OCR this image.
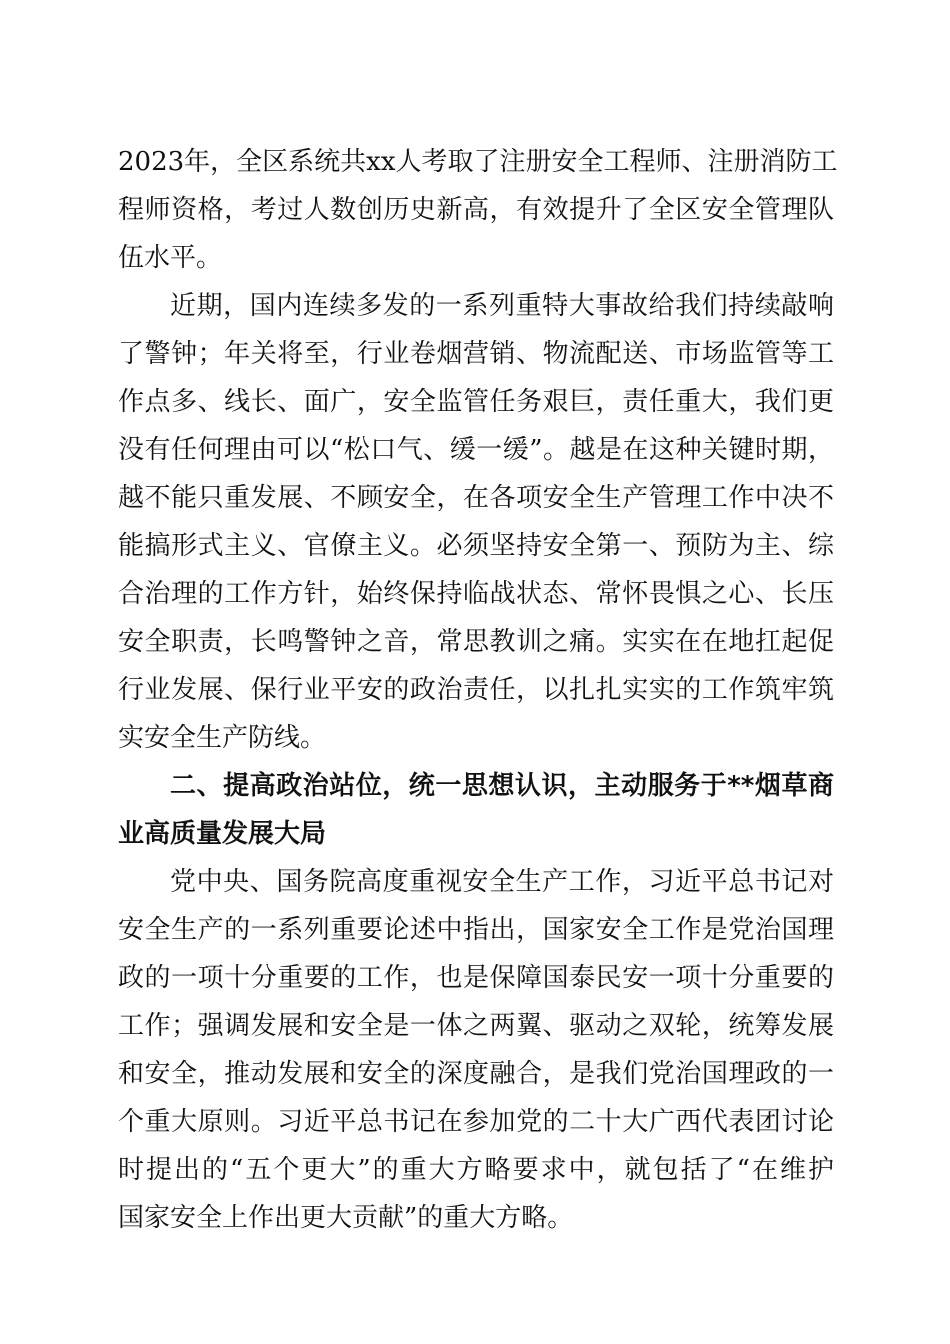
2023年，全区系统共xx人考取了注册安全工程师、注册消防工
程师资格，考过人数创历史新高，有效提升了全区安全管理队
伍水平。
近期，国内连续多发的一系列重特大事故给我们持续敲响
了警钟；年关将至，行业卷烟营销、物流配送、市场监管等工
作点多、线长、面广，安全监管任务艰巨，责任重大，我们更
没有任何理由可以“松口气、缓一缓”。越是在这种关键时期，
越不能只重发展、不顾安全，在各项安全生产管理工作中决不
能搞形式主义、官僚主义。必须坚持安全第一、预防为主、综
合治理的工作方针，始终保持临战状态、常怀畏惧之心、长压
安全职责，长鸣警钟之音，常思教训之痛。实实在在地扛起促
行业发展、保行业平安的政治责任，以扎扎实实的工作筑牢筑
实安全生产防线。
二、提高政治站位，统一思想认识，主动服务于**烟草商
业高质量发展大局
党中央、国务院高度重视安全生产工作，习近平总书记对
安全生产的一系列重要论述中指出，国家安全工作是党治国理
政的一项十分重要的工作，也是保障国泰民安一项十分重要的
工作；强调发展和安全是一体之两翼、驱动之双轮，统筹发展
和安全，推动发展和安全的深度融合，是我们党治国理政的一
个重大原则。习近平总书记在参加党的二十大广西代表团讨论
时提出的“五个更大”的重大方略要求中，就包括了“在维护
国家安全上作出更大贡献”的重大方略。
